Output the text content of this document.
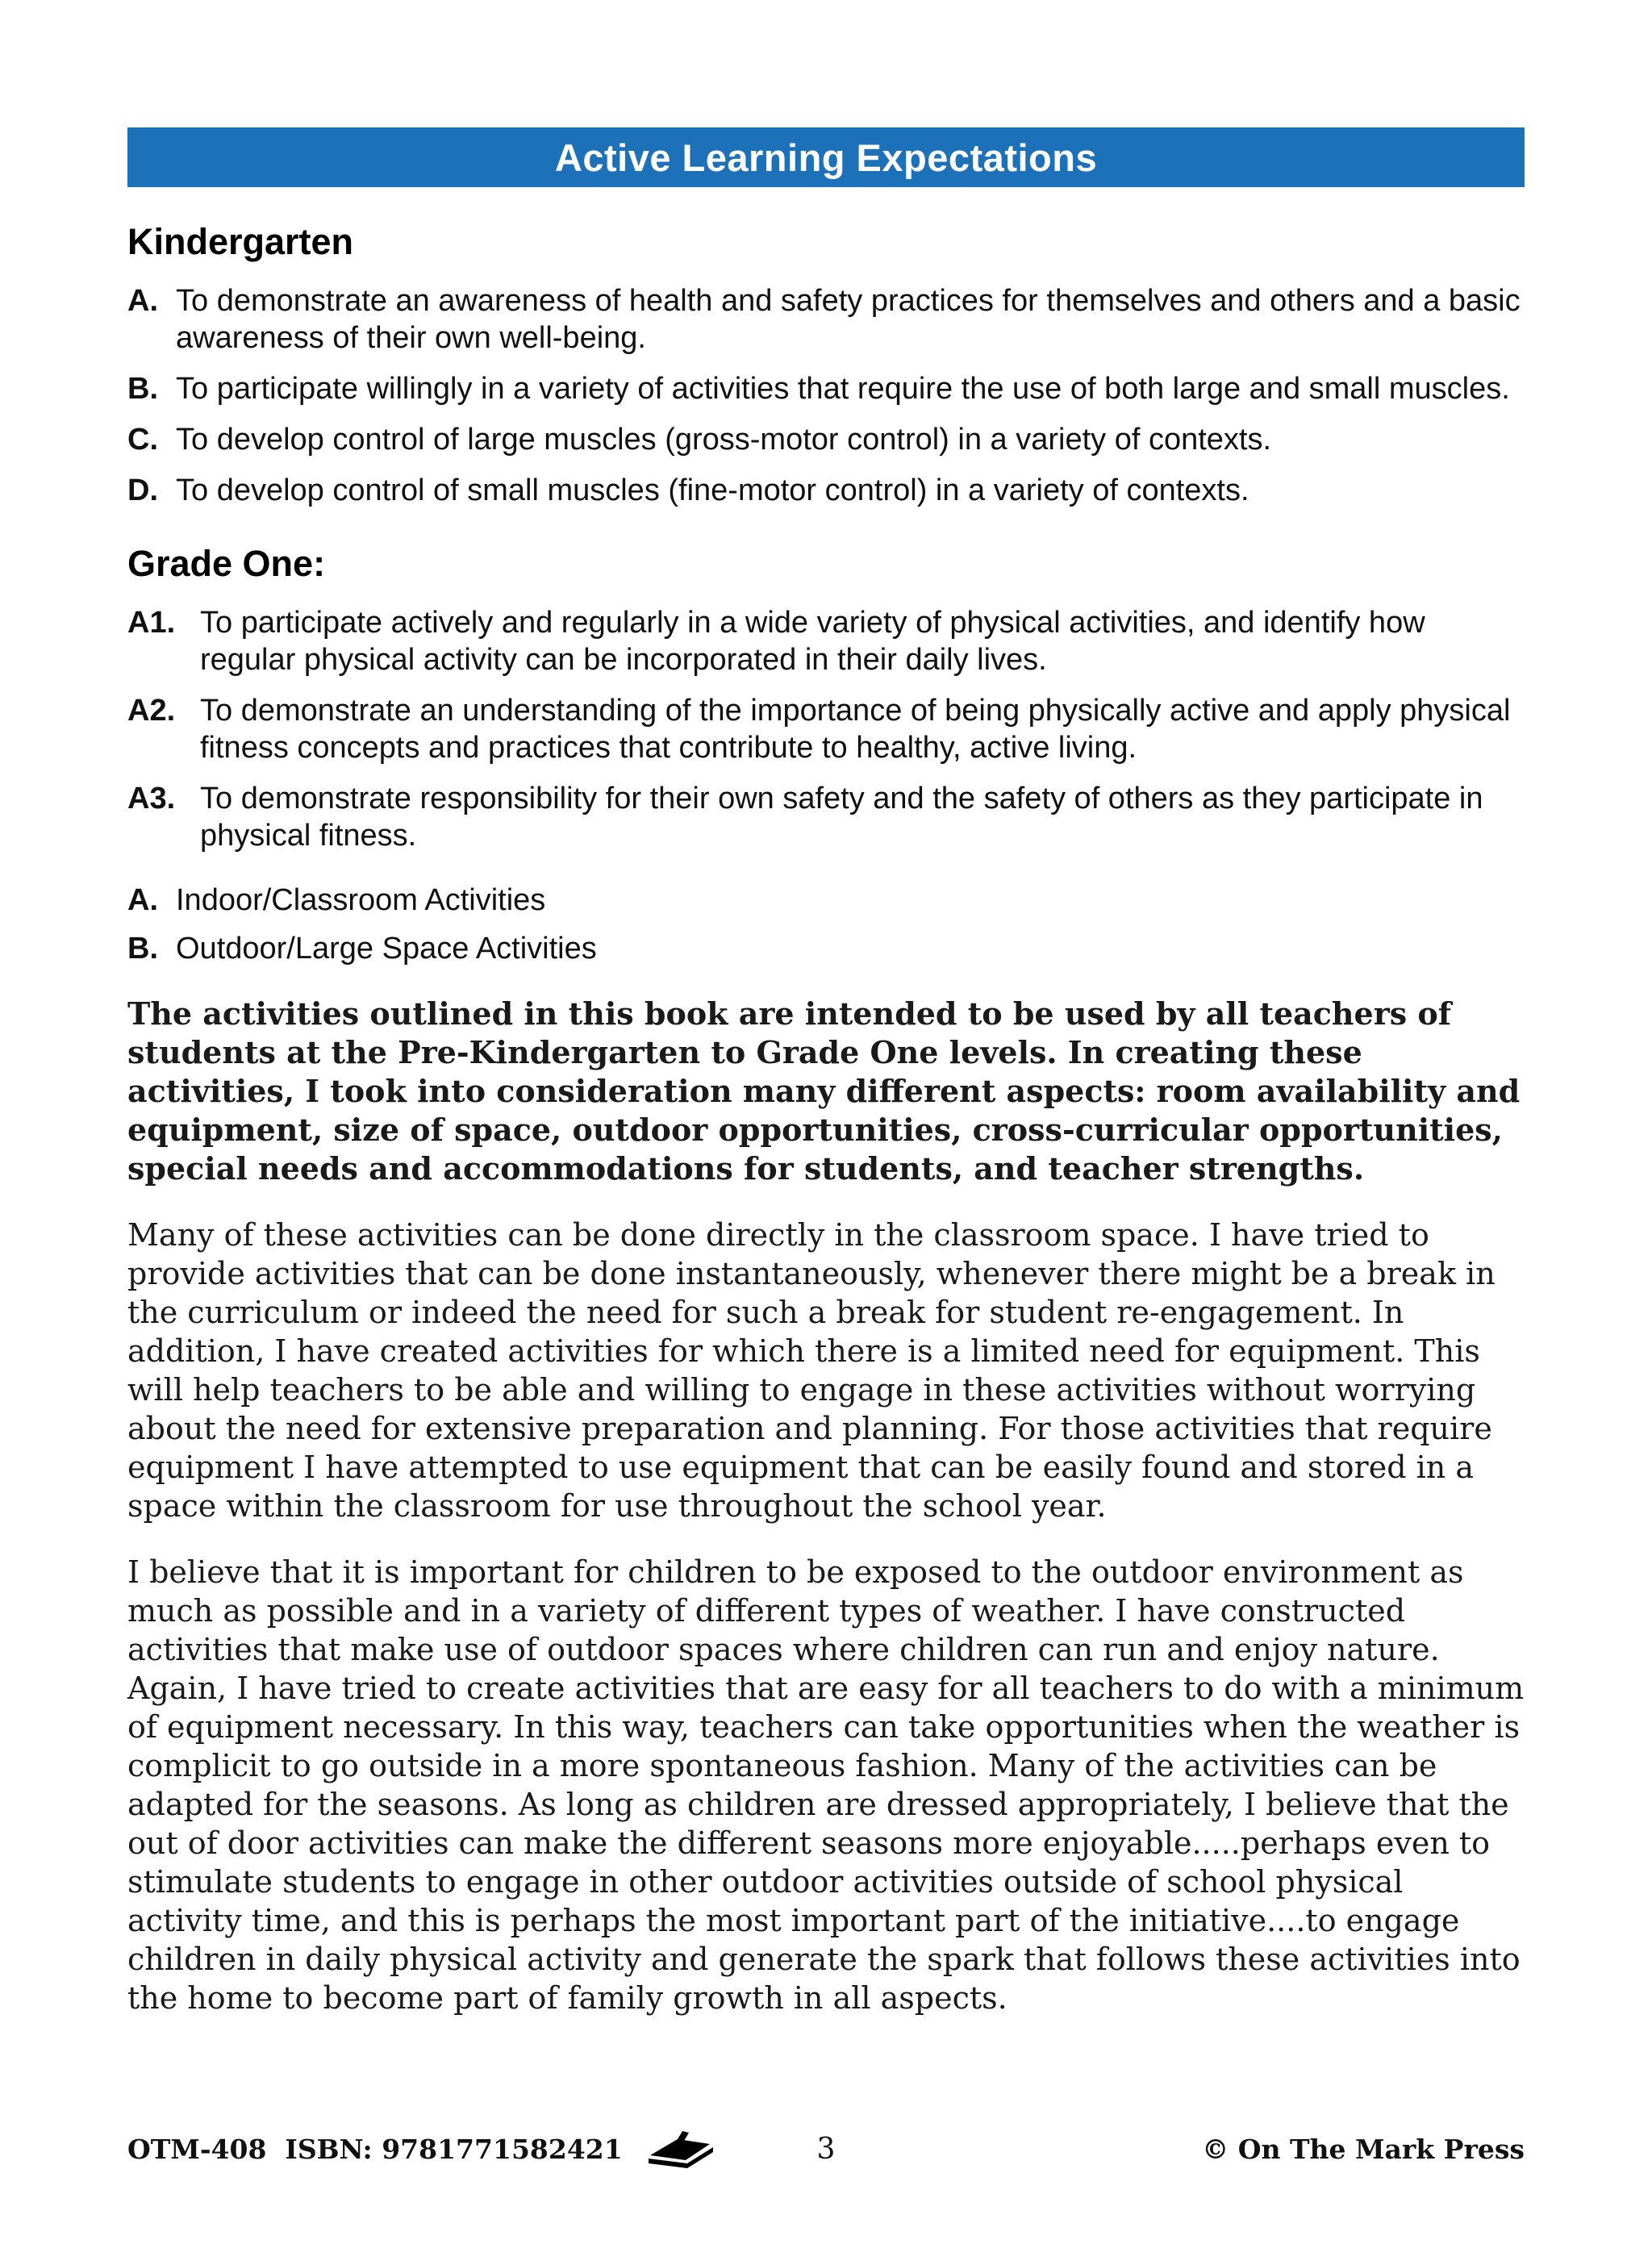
Active Learning Expectations
Kindergarten
A. To demonstrate an awareness of health and safety practices for themselves and others and a basic awareness of their own well-being.
B. To participate willingly in a variety of activities that require the use of both large and small muscles.
C. To develop control of large muscles (gross-motor control) in a variety of contexts.
D. To develop control of small muscles (fine-motor control) in a variety of contexts.
Grade One:
A1. To participate actively and regularly in a wide variety of physical activities, and identify how regular physical activity can be incorporated in their daily lives.
A2. To demonstrate an understanding of the importance of being physically active and apply physical fitness concepts and practices that contribute to healthy, active living.
A3. To demonstrate responsibility for their own safety and the safety of others as they participate in physical fitness.
A. Indoor/Classroom Activities
B. Outdoor/Large Space Activities

The activities outlined in this book are intended to be used by all teachers of students at the Pre-Kindergarten to Grade One levels. In creating these activities, I took into consideration many different aspects: room availability and equipment, size of space, outdoor opportunities, cross-curricular opportunities, special needs and accommodations for students, and teacher strengths.

Many of these activities can be done directly in the classroom space. I have tried to provide activities that can be done instantaneously, whenever there might be a break in the curriculum or indeed the need for such a break for student re-engagement. In addition, I have created activities for which there is a limited need for equipment. This will help teachers to be able and willing to engage in these activities without worrying about the need for extensive preparation and planning. For those activities that require equipment I have attempted to use equipment that can be easily found and stored in a space within the classroom for use throughout the school year.

I believe that it is important for children to be exposed to the outdoor environment as much as possible and in a variety of different types of weather. I have constructed activities that make use of outdoor spaces where children can run and enjoy nature. Again, I have tried to create activities that are easy for all teachers to do with a minimum of equipment necessary. In this way, teachers can take opportunities when the weather is complicit to go outside in a more spontaneous fashion. Many of the activities can be adapted for the seasons. As long as children are dressed appropriately, I believe that the out of door activities can make the different seasons more enjoyable.....perhaps even to stimulate students to engage in other outdoor activities outside of school physical activity time, and this is perhaps the most important part of the initiative....to engage children in daily physical activity and generate the spark that follows these activities into the home to become part of family growth in all aspects.

OTM-408  ISBN: 9781771582421	3	© On The Mark Press
